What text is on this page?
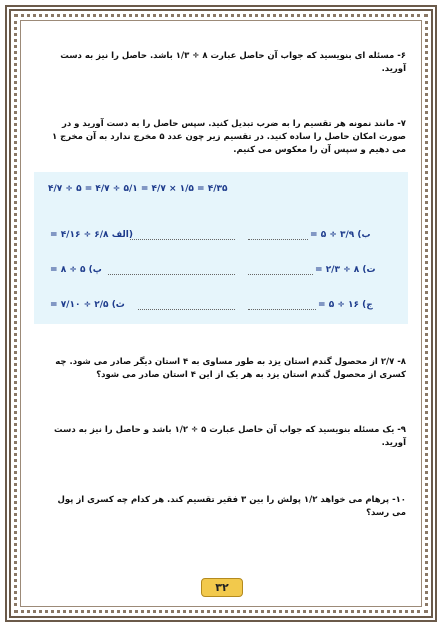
۶- مسئله ای بنویسید که جواب آن حاصل عبارت ۸ ÷ ۱/۳ باشد. حاصل را نیز به دست آورید.
۷- مانند نمونه هر تقسیم را به ضرب تبدیل کنید. سپس حاصل را به دست آورید و در صورت امکان حاصل را ساده کنید. در تقسیم زیر چون عدد ۵ مخرج ندارد به آن مخرج ۱ می دهیم و سپس آن را معکوس می کنیم.
۴/۷ ÷ ۵ = ۴/۷ ÷ ۵/۱ = ۴/۷ × ۱/۵ = ۴/۳۵
(الف ۶/۸ ÷ ۴/۱۶ =	ب) ۳/۹ ÷ ۵ =
پ) ۵ ÷ ۸ =	ت) ۸ ÷ ۲/۳ =
ث) ۲/۵ ÷ ۷/۱۰ =	ج) ۱۶ ÷ ۵ =
۸- ۲/۷ از محصول گندم استان یزد به طور مساوی به ۴ استان دیگر صادر می شود. چه کسری از محصول گندم استان یزد به هر یک از این ۴ استان صادر می شود؟
۹- یک مسئله بنویسید که جواب آن حاصل عبارت ۵ ÷ ۱/۲ باشد و حاصل را نیز به دست آورید.
۱۰- پرهام می خواهد ۱/۲ پولش را بین ۳ فقیر تقسیم کند. هر کدام چه کسری از پول می رسد؟
۳۲
